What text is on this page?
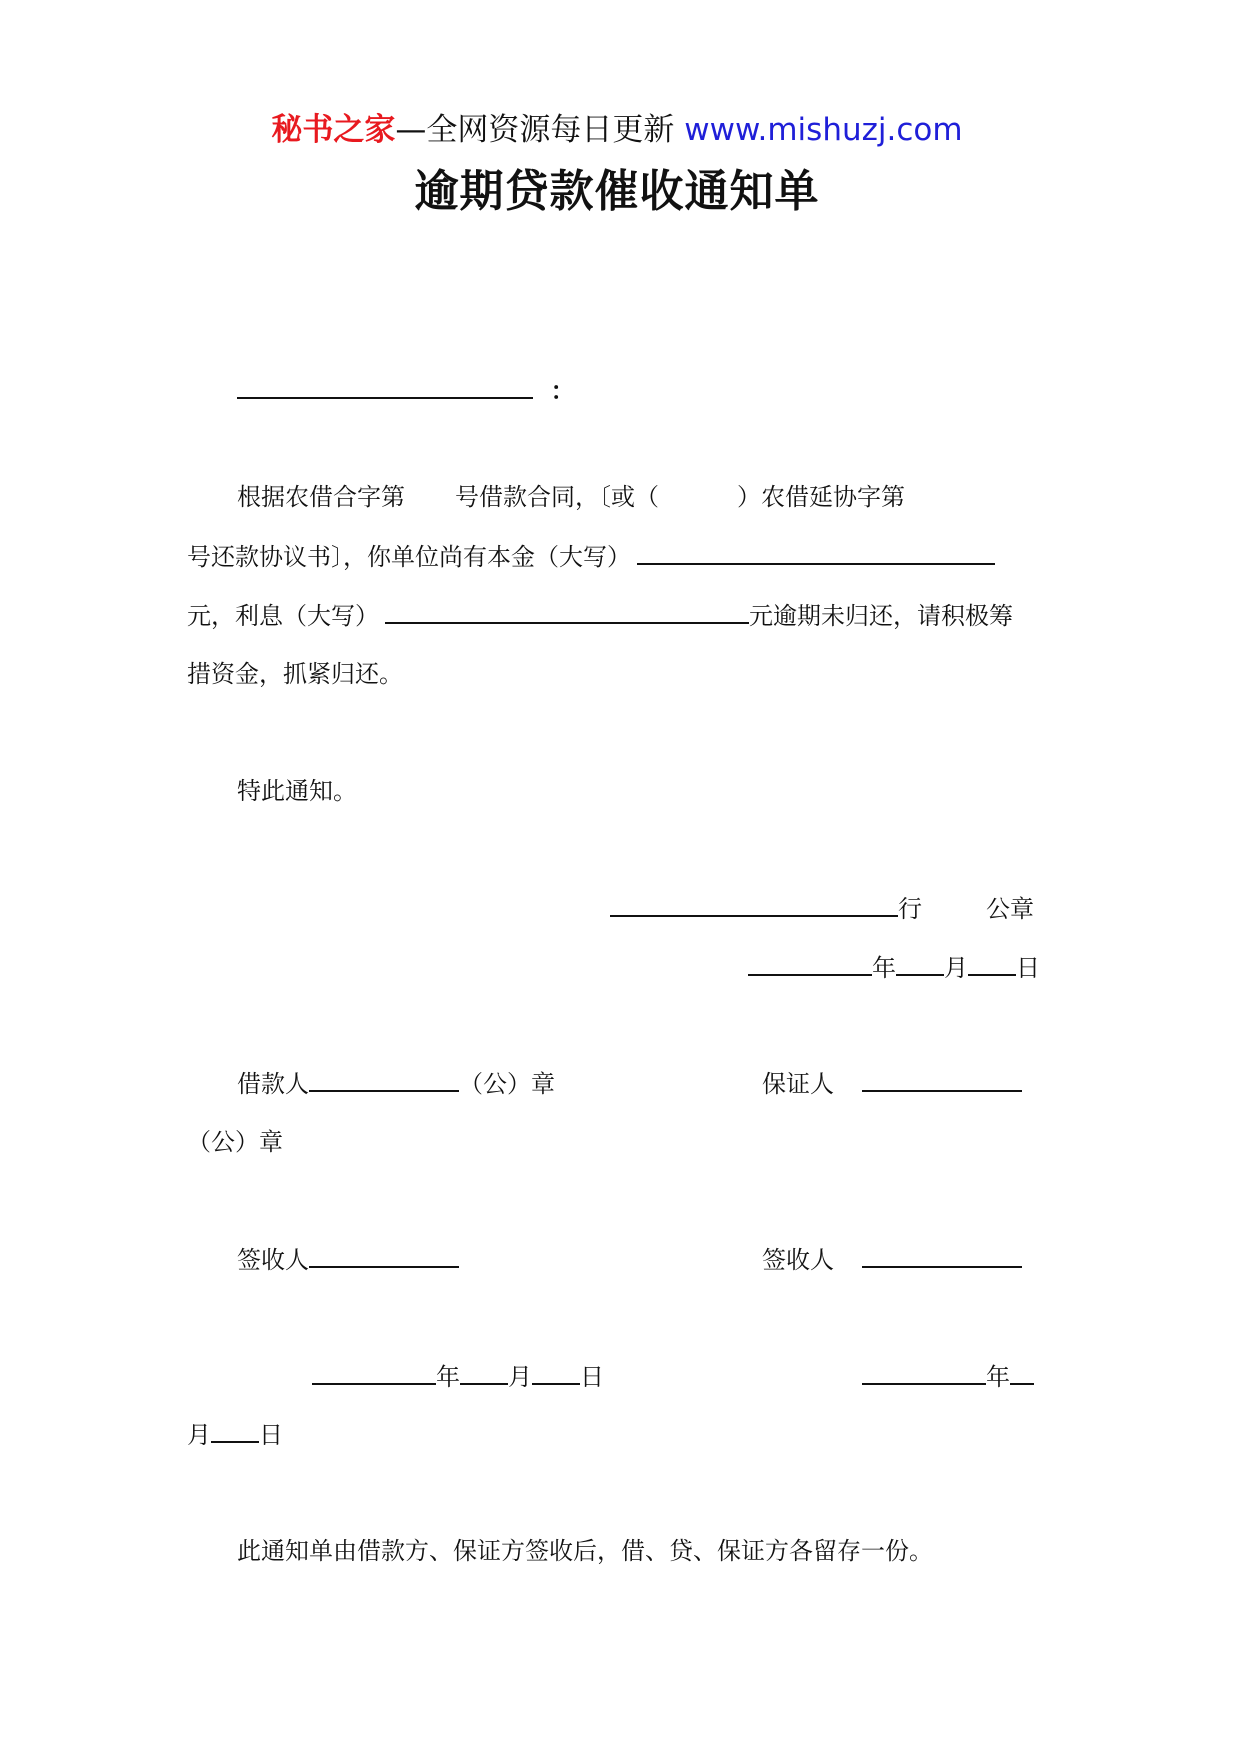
秘书之家—全网资源每日更新 www.mishuzj.com
逾期贷款催收通知单
：
根据农借合字第 号借款合同，〔或（	）农借延协字第
号还款协议书〕，你单位尚有本金（大写）
元，利息（大写）	元逾期未归还，请积极筹
措资金，抓紧归还。
特此通知。
行	公章
年 月 日
借款人	（公）章	保证人
（公）章
签收人	签收人
年 月 日	年
月 日
此通知单由借款方、保证方签收后，借、贷、保证方各留存一份。
